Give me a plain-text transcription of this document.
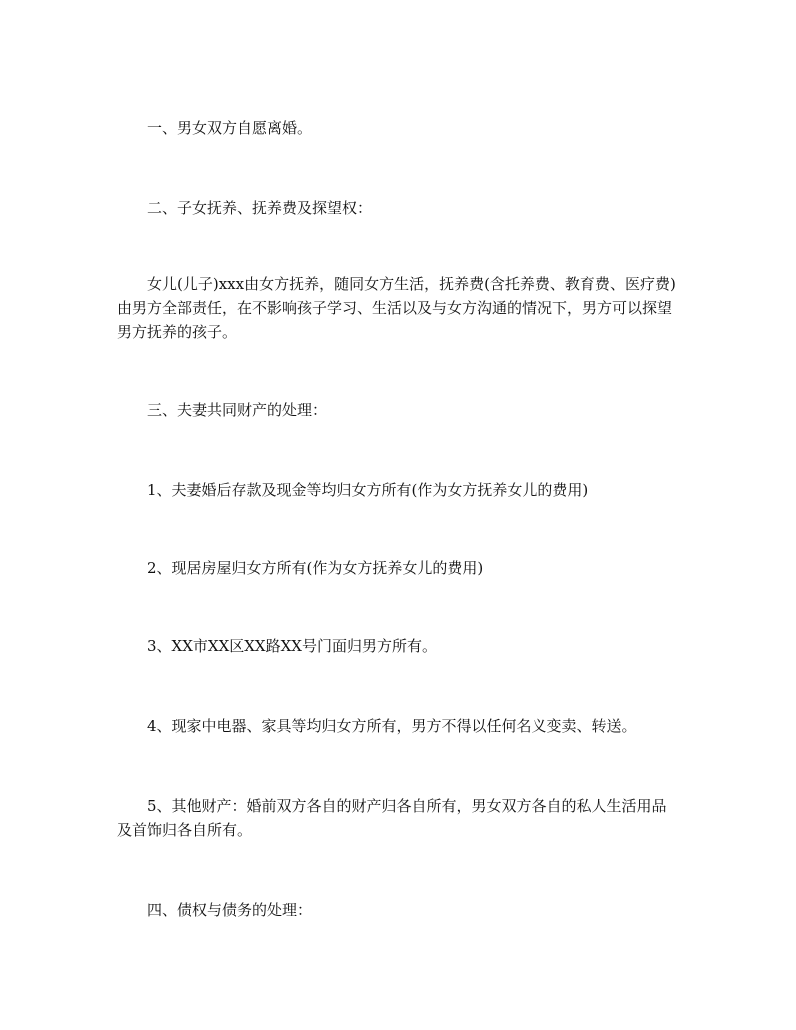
一、男女双方自愿离婚。

二、子女抚养、抚养费及探望权：

女儿(儿子)xxx由女方抚养，随同女方生活，抚养费(含托养费、教育费、医疗费)由男方全部责任，在不影响孩子学习、生活以及与女方沟通的情况下，男方可以探望男方抚养的孩子。

三、夫妻共同财产的处理：

1、夫妻婚后存款及现金等均归女方所有(作为女方抚养女儿的费用)

2、现居房屋归女方所有(作为女方抚养女儿的费用)

3、XX市XX区XX路XX号门面归男方所有。

4、现家中电器、家具等均归女方所有，男方不得以任何名义变卖、转送。

5、其他财产：婚前双方各自的财产归各自所有，男女双方各自的私人生活用品及首饰归各自所有。

四、债权与债务的处理：
